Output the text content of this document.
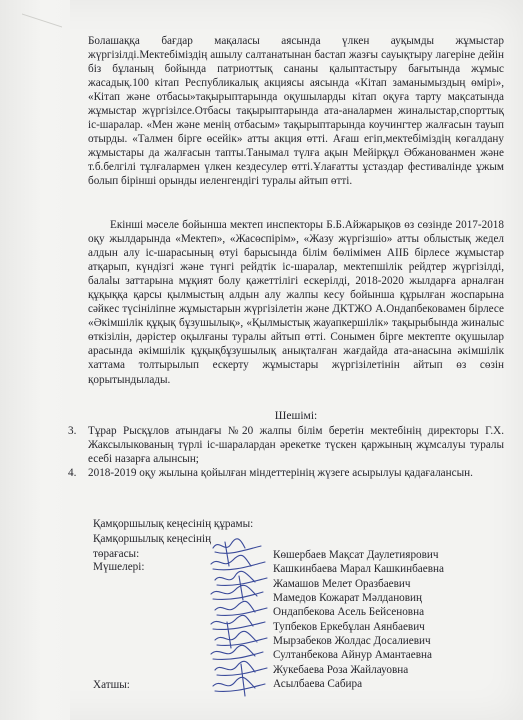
Болашаққа бағдар мақаласы аясында үлкен ауқымды жұмыстар жүргізілді.Мектебіміздің ашылу салтанатынан бастап жазғы сауықтыру лагеріне дейін біз бұланың бойында патриоттық сананы қалыптастыру бағытында жұмыс жасадық.100 кітап Республикалық акциясы аясында «Кітап заманымыздың өмірі», «Кітап және отбасы»тақырыптарында оқушыларды кітап оқуға тарту мақсатында жұмыстар жүргізілсе.Отбасы тақырыптарында ата-аналармен жиналыстар,спорттық іс-шаралар. «Мен және менің отбасым» тақырыптарында коучингтер жалғасын тауып отырды. «Талмен бірге өсейік» атты акция өтті. Ағаш егіп,мектебіміздің көгалдану жұмыстары да жалғасын тапты.Танымал түлға ақын Мейірқұл Әбжанованмен және т.б.белгілі тұлғалармен үлкен кездесулер өтті.Ұлағатты ұстаздар фестивалінде ұжым болып бірінші орынды иеленгендігі туралы айтып өтті.

Екінші мәселе бойынша мектеп инспекторы Б.Б.Айжарықов өз сөзінде 2017-2018 оқу жылдарында «Мектеп», «Жасөспірім», «Жазу жүргізшіо» атты облыстық жедел алдын алу іс-шараcының өтуі барысында білім бөлімімен АІІБ бірлесе жұмыстар атқарып, күндізгі және түнгі рейдтік іс-шаралар, мектепшілік рейдтер жүргізілді, балаlы заттарына мұқият болу қажеттілігі ескерілді, 2018-2020 жылдарға арналған құқыққа қарсы қылмыстың алдын алу жалпы кесу бойынша құрылған жоспарына сәйкес түсініліпне жұмыстарын жүргізілетін және ДКТЖО А.Ондапбековамен бірлесе «Әкімшілік құқық бұзушылық», «Қылмыстық жауапкершілік» тақырыбында жиналыс өткізілін, дәрістер оқылғаны туралы айтып өтті. Сонымен бірге мектепте оқушылар арасында әкімшілік құқықбұзушылық анықталған жағдайда ата-анасына әкімшілік хаттама толтырылып ескерту жұмыстары жүргізілетінін айтып өз сөзін қорытындылады.

Шешімі:
3.	Тұрар Рысқұлов атындағы №20 жалпы білім беретін мектебінің директоры Г.Х. Жаксылыкованың түрлі іс-шаралардан әрекетке түскен қаржының жұмсалуы туралы есебі назарға алынсын;
4.	2018-2019 оқу жылына қойылған міндеттерінің жүзеге асырылуы қадағалансын.
Қамқоршылық кеңесінің құрамы:
Қамқоршылық кеңесінің
төрағасы:
Мүшелері:
Хатшы:
Көшербаев Мақсат Даулетиярович
Кашкинбаева Марал Кашкинбаевна
Жамашов Мелет Оразбаевич
Мамедов Кожарат Мәлдановиң
Ондапбекова Асель Бейсеновна
Тупбеков Еркебұлан Аянбаевич
Мырзабеков Жолдас Досалиевич
Султанбекова Айнур Амантаевна
Жукебаева Роза Жайлауовна
Асылбаева Сабира
